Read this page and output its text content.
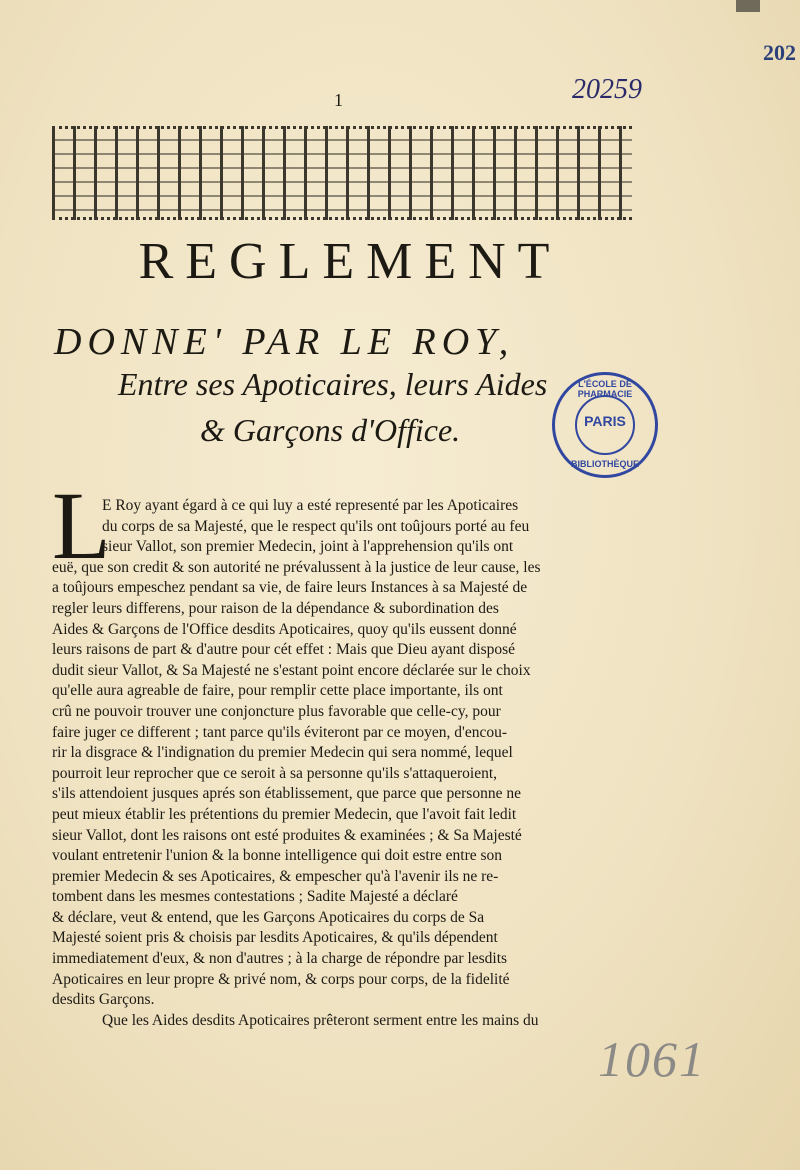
202
20259
1
REGLEMENT
DONNE' PAR LE ROY,
Entre ses Apoticaires, leurs Aides
& Garçons d'Office.
L'ÉCOLE DE PHARMACIE
PARIS
BIBLIOTHÈQUE
L
E Roy ayant égard à ce qui luy a esté representé par les Apoticaires
du corps de sa Majesté, que le respect qu'ils ont toûjours porté au feu
sieur Vallot, son premier Medecin, joint à l'apprehension qu'ils ont
euë, que son credit & son autorité ne prévalussent à la justice de leur cause, les
a toûjours empeschez pendant sa vie, de faire leurs Instances à sa Majesté de
regler leurs differens, pour raison de la dépendance & subordination des
Aides & Garçons de l'Office desdits Apoticaires, quoy qu'ils eussent donné
leurs raisons de part & d'autre pour cét effet : Mais que Dieu ayant disposé
dudit sieur Vallot, & Sa Majesté ne s'estant point encore déclarée sur le choix
qu'elle aura agreable de faire, pour remplir cette place importante, ils ont
crû ne pouvoir trouver une conjoncture plus favorable que celle-cy, pour
faire juger ce different ; tant parce qu'ils éviteront par ce moyen, d'encou-
rir la disgrace & l'indignation du premier Medecin qui sera nommé, lequel
pourroit leur reprocher que ce seroit à sa personne qu'ils s'attaqueroient,
s'ils attendoient jusques aprés son établissement, que parce que personne ne
peut mieux établir les prétentions du premier Medecin, que l'avoit fait ledit
sieur Vallot, dont les raisons ont esté produites & examinées ; & Sa Majesté
voulant entretenir l'union & la bonne intelligence qui doit estre entre son
premier Medecin & ses Apoticaires, & empescher qu'à l'avenir ils ne re-
tombent dans les mesmes contestations ; Sadite Majesté a déclaré
& déclare, veut & entend, que les Garçons Apoticaires du corps de Sa
Majesté soient pris & choisis par lesdits Apoticaires, & qu'ils dépendent
immediatement d'eux, & non d'autres ; à la charge de répondre par lesdits
Apoticaires en leur propre & privé nom, & corps pour corps, de la fidelité
desdits Garçons.
Que les Aides desdits Apoticaires prêteront serment entre les mains du
1061
